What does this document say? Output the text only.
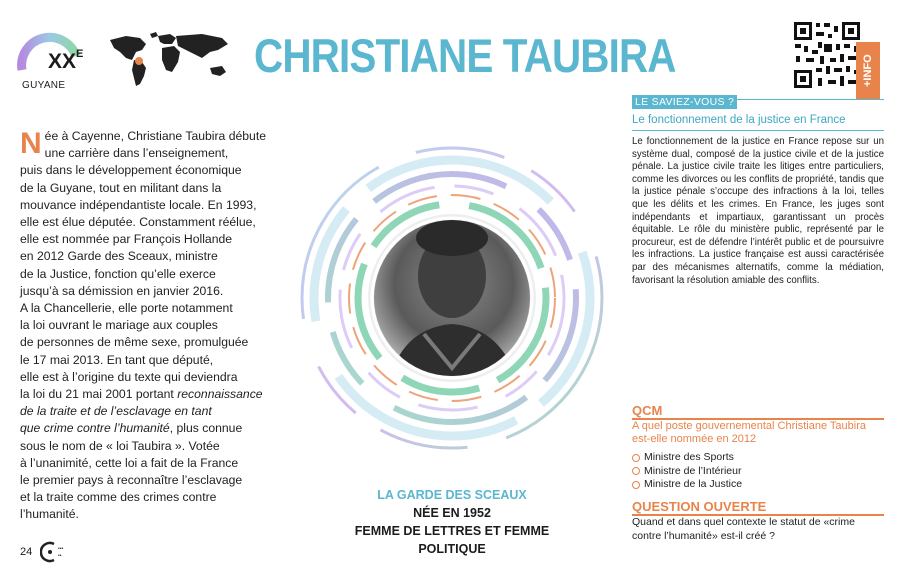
$XX^E$
GUYANE
CHRISTIANE TAUBIRA	+INFO
N ée à Cayenne, Christiane Taubira débute
une carrière dans l’enseignement,
puis dans le développement économique
de la Guyane, tout en militant dans la
mouvance indépendantiste locale. En 1993,
elle est élue députée. Constamment réélue,
elle est nommée par François Hollande
en 2012 Garde des Sceaux, ministre
de la Justice, fonction qu’elle exerce
jusqu’à sa démission en janvier 2016.
A la Chancellerie, elle porte notamment
la loi ouvrant le mariage aux couples
de personnes de même sexe, promulguée
le 17 mai 2013. En tant que député,
elle est à l’origine du texte qui deviendra
la loi du 21 mai 2001 portant reconnaissance
de la traite et de l’esclavage en tant
que crime contre l’humanité, plus connue
sous le nom de « loi Taubira ». Votée
à l’unanimité, cette loi a fait de la France
le premier pays à reconnaître l’esclavage
et la traite comme des crimes contre
l’humanité.
LA GARDE DES SCEAUX
NÉE EN 1952
FEMME DE LETTRES ET FEMME POLITIQUE
24	•••
••
LE SAVIEZ-VOUS ?
Le fonctionnement de la justice en France
Le fonctionnement de la justice en France repose sur un système dual, composé de la justice civile et de la justice pénale. La justice civile traite les litiges entre particuliers, comme les divorces ou les conflits de propriété, tandis que la justice pénale s’occupe des infractions à la loi, telles que les délits et les crimes. En France, les juges sont indépendants et impartiaux, garantissant un procès équitable. Le rôle du ministère public, représenté par le procureur, est de défendre l’intérêt public et de poursuivre les infractions. La justice française est aussi caractérisée par des mécanismes alternatifs, comme la médiation, favorisant la résolution amiable des conflits.
QCM
A quel poste gouvernemental Christiane Taubira est-elle nommée en 2012
Ministre des Sports
Ministre de l’Intérieur
Ministre de la Justice
QUESTION OUVERTE
Quand et dans quel contexte le statut de «crime contre l’humanité» est-il créé ?
